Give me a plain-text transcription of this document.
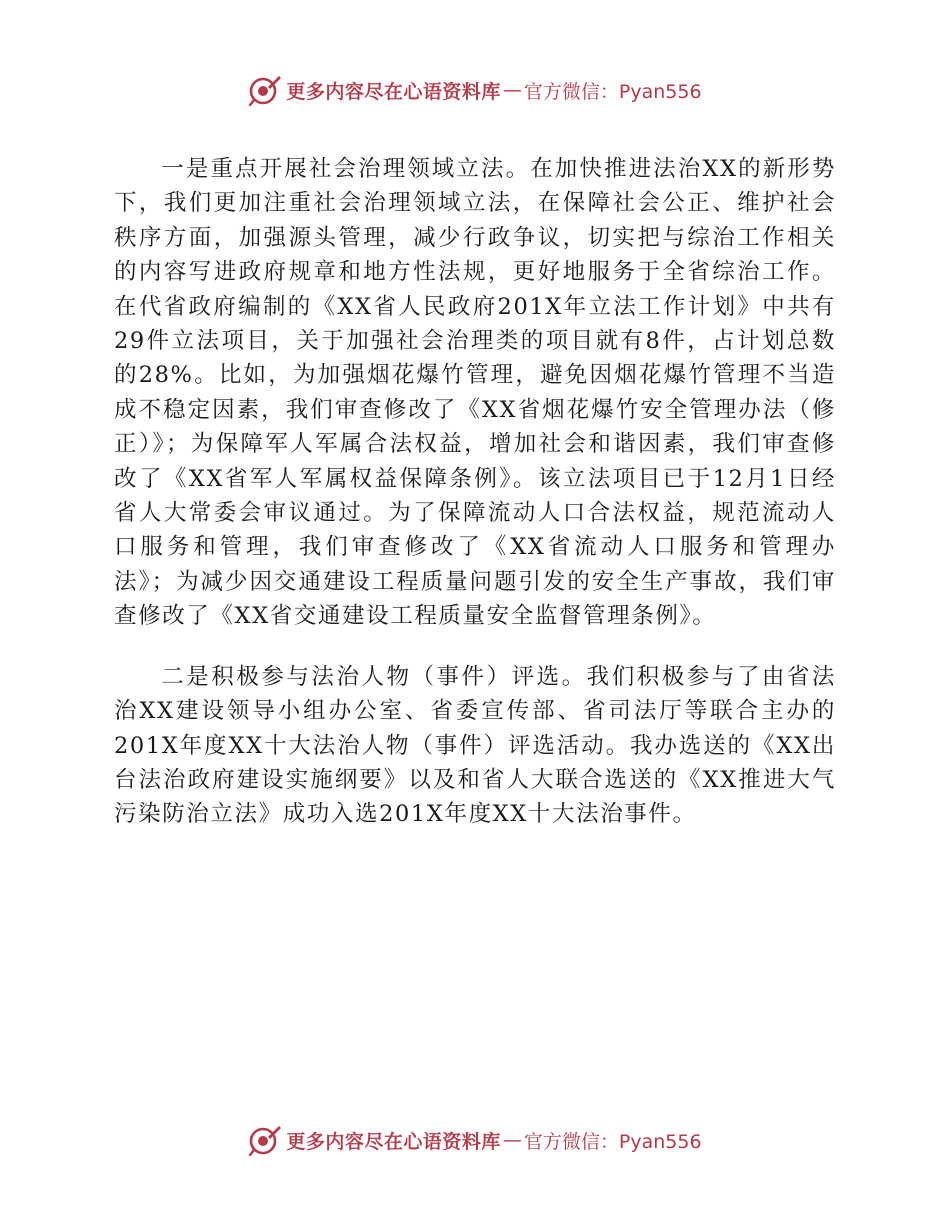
更多内容尽在心语资料库 — 官方微信：Pyan556

一是重点开展社会治理领域立法。在加快推进法治XX的新形势下，我们更加注重社会治理领域立法，在保障社会公正、维护社会秩序方面，加强源头管理，减少行政争议，切实把与综治工作相关的内容写进政府规章和地方性法规，更好地服务于全省综治工作。在代省政府编制的《XX省人民政府201X年立法工作计划》中共有29件立法项目，关于加强社会治理类的项目就有8件，占计划总数的28%。比如，为加强烟花爆竹管理，避免因烟花爆竹管理不当造成不稳定因素，我们审查修改了《XX省烟花爆竹安全管理办法（修正）》；为保障军人军属合法权益，增加社会和谐因素，我们审查修改了《XX省军人军属权益保障条例》。该立法项目已于12月1日经省人大常委会审议通过。为了保障流动人口合法权益，规范流动人口服务和管理，我们审查修改了《XX省流动人口服务和管理办法》；为减少因交通建设工程质量问题引发的安全生产事故，我们审查修改了《XX省交通建设工程质量安全监督管理条例》。

二是积极参与法治人物（事件）评选。我们积极参与了由省法治XX建设领导小组办公室、省委宣传部、省司法厅等联合主办的201X年度XX十大法治人物（事件）评选活动。我办选送的《XX出台法治政府建设实施纲要》以及和省人大联合选送的《XX推进大气污染防治立法》成功入选201X年度XX十大法治事件。

更多内容尽在心语资料库 — 官方微信：Pyan556
